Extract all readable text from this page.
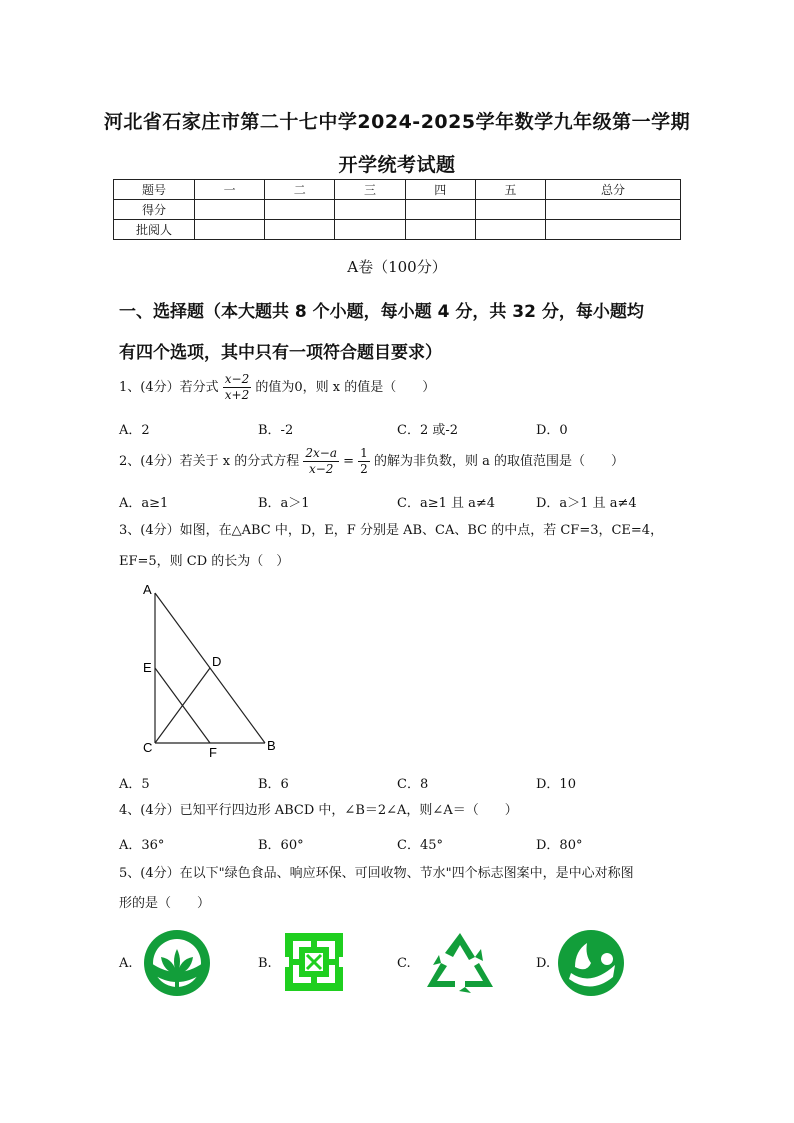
河北省石家庄市第二十七中学2024-2025学年数学九年级第一学期
开学统考试题
题号	一	二	三	四	五	总分
得分						
批阅人						
A卷（100分）
一、选择题（本大题共 8 个小题，每小题 4 分，共 32 分，每小题均
有四个选项，其中只有一项符合题目要求）
1、(4分）若分式 $\frac{x-2}{x+2}$ 的值为0，则 x 的值是（　　）
A．2	B．-2	C．2 或-2	D．0
2、(4分）若关于 x 的分式方程 $\frac{2x-a}{x-2} = \frac{1}{2}$ 的解为非负数，则 a 的取值范围是（　　）
A．a≥1	B．a＞1	C．a≥1 且 a≠4	D．a＞1 且 a≠4
3、(4分）如图，在△ABC 中，D，E，F 分别是 AB、CA、BC 的中点，若 CF=3，CE=4，
EF=5，则 CD 的长为（　）
A
E	D
C	F	B
A．5	B．6	C．8	D．10
4、(4分）已知平行四边形 ABCD 中，∠B＝2∠A，则∠A＝（　　）
A．36°	B．60°	C．45°	D．80°
5、(4分）在以下"绿色食品、响应环保、可回收物、节水"四个标志图案中，是中心对称图
形的是（　　）
A.	B.	C.	D.
